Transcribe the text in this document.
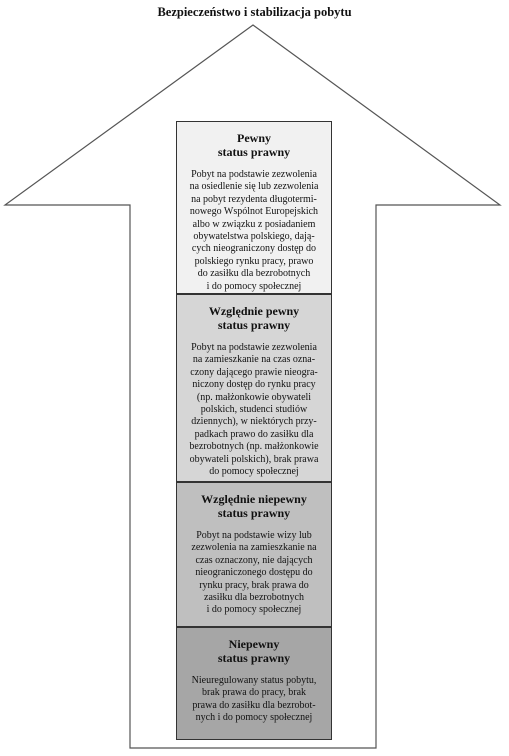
Bezpieczeństwo i stabilizacja pobytu
Pewny
status prawny
Pobyt na podstawie zezwolenia
na osiedlenie się lub zezwolenia
na pobyt rezydenta długotermi-
nowego Wspólnot Europejskich
albo w związku z posiadaniem
obywatelstwa polskiego, dają-
cych nieograniczony dostęp do
polskiego rynku pracy, prawo
do zasiłku dla bezrobotnych
i do pomocy społecznej
Względnie pewny
status prawny
Pobyt na podstawie zezwolenia
na zamieszkanie na czas ozna-
czony dającego prawie nieogra-
niczony dostęp do rynku pracy
(np. małżonkowie obywateli
polskich, studenci studiów
dziennych), w niektórych przy-
padkach prawo do zasiłku dla
bezrobotnych (np. małżonkowie
obywateli polskich), brak prawa
do pomocy społecznej
Względnie niepewny
status prawny
Pobyt na podstawie wizy lub
zezwolenia na zamieszkanie na
czas oznaczony, nie dających
nieograniczonego dostępu do
rynku pracy, brak prawa do
zasiłku dla bezrobotnych
i do pomocy społecznej
Niepewny
status prawny
Nieuregulowany status pobytu,
brak prawa do pracy, brak
prawa do zasiłku dla bezrobot-
nych i do pomocy społecznej
